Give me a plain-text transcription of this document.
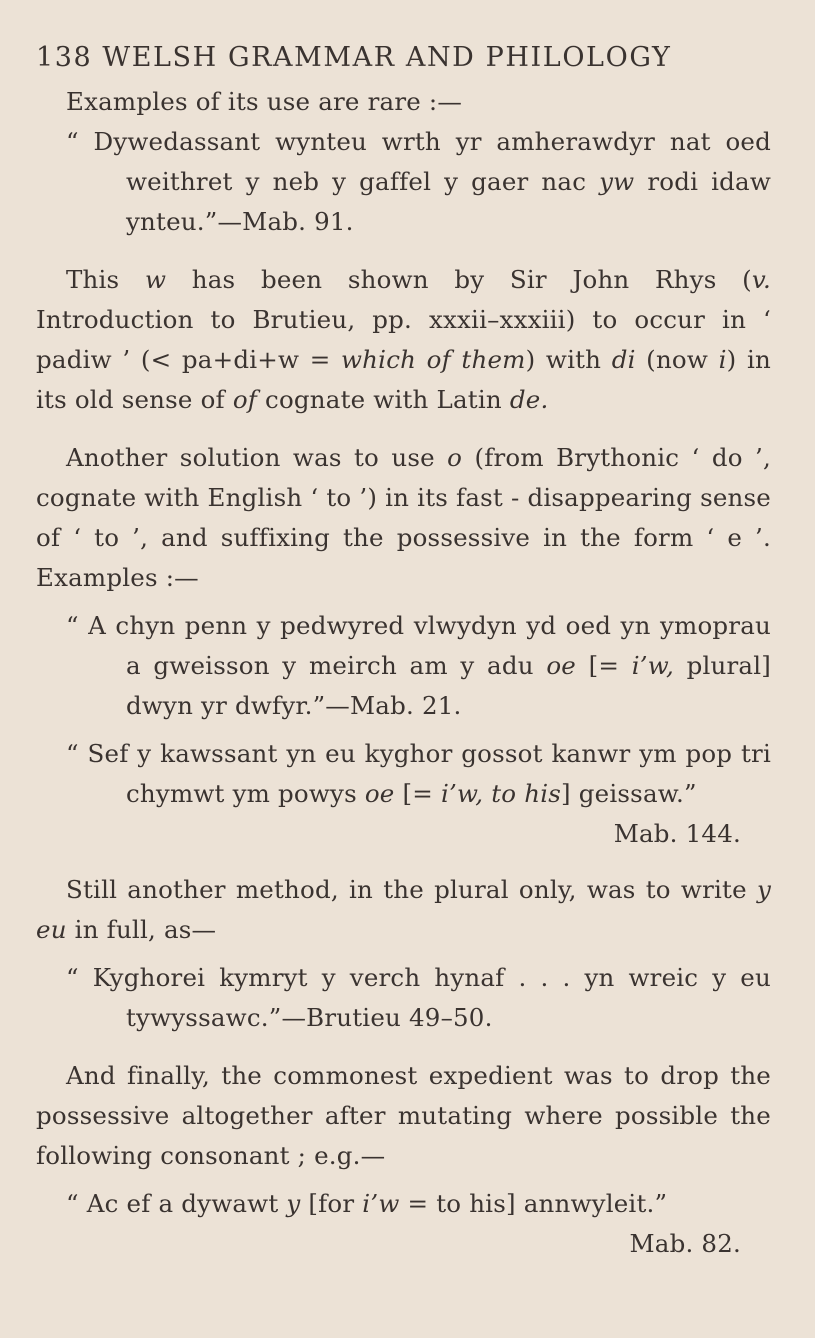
138 WELSH GRAMMAR AND PHILOLOGY

Examples of its use are rare :—

“ Dywedassant wynteu wrth yr amherawdyr nat oed weithret y neb y gaffel y gaer nac yw rodi idaw ynteu.”—Mab. 91.

This w has been shown by Sir John Rhys (v. Introduction to Brutieu, pp. xxxii–xxxiii) to occur in ‘ padiw ’ (< pa+di+w = which of them) with di (now i) in its old sense of of cognate with Latin de.

Another solution was to use o (from Brythonic ‘ do ’, cognate with English ‘ to ’) in its fast - disappearing sense of ‘ to ’, and suffixing the possessive in the form ‘ e ’. Examples :—

“ A chyn penn y pedwyred vlwydyn yd oed yn ymoprau a gweisson y meirch am y adu oe [= i’w, plural] dwyn yr dwfyr.”—Mab. 21.

“ Sef y kawssant yn eu kyghor gossot kanwr ym pop tri chymwt ym powys oe [= i’w, to his] geissaw.”

Mab. 144.

Still another method, in the plural only, was to write y eu in full, as—

“ Kyghorei kymryt y verch hynaf . . . yn wreic y eu tywyssawc.”—Brutieu 49–50.

And finally, the commonest expedient was to drop the possessive altogether after mutating where possible the following consonant ; e.g.—

“ Ac ef a dywawt y [for i’w = to his] annwyleit.”

Mab. 82.
